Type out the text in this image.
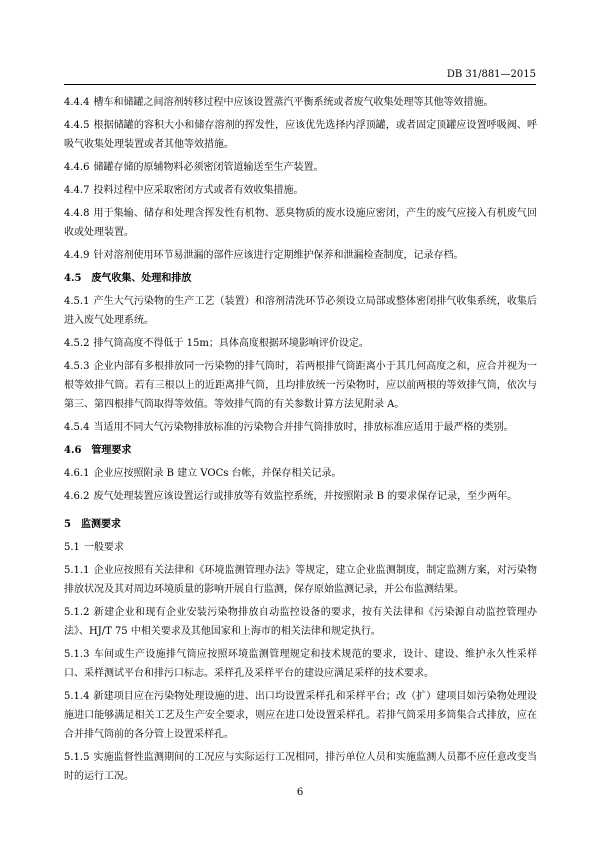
DB 31/881—2015

4.4.4 槽车和储罐之间溶剂转移过程中应该设置蒸汽平衡系统或者废气收集处理等其他等效措施。

4.4.5 根据储罐的容积大小和储存溶剂的挥发性，应该优先选择内浮顶罐，或者固定顶罐应设置呼吸阀、呼吸气收集处理装置或者其他等效措施。

4.4.6 储罐存储的原辅物料必须密闭管道输送至生产装置。

4.4.7 投料过程中应采取密闭方式或者有效收集措施。

4.4.8 用于集输、储存和处理含挥发性有机物、恶臭物质的废水设施应密闭，产生的废气应接入有机废气回收或处理装置。

4.4.9 针对溶剂使用环节易泄漏的部件应该进行定期维护保养和泄漏检查制度，记录存档。

4.5 废气收集、处理和排放

4.5.1 产生大气污染物的生产工艺（装置）和溶剂清洗环节必须设立局部或整体密闭排气收集系统，收集后进入废气处理系统。

4.5.2 排气筒高度不得低于 15m；具体高度根据环境影响评价设定。

4.5.3 企业内部有多根排放同一污染物的排气筒时，若两根排气筒距离小于其几何高度之和，应合并视为一根等效排气筒。若有三根以上的近距离排气筒，且均排放统一污染物时，应以前两根的等效排气筒，依次与第三、第四根排气筒取得等效值。等效排气筒的有关参数计算方法见附录 A。

4.5.4 当适用不同大气污染物排放标准的污染物合并排气筒排放时，排放标准应适用于最严格的类别。

4.6 管理要求

4.6.1 企业应按照附录 B 建立 VOCs 台帐，并保存相关记录。

4.6.2 废气处理装置应该设置运行或排放等有效监控系统，并按照附录 B 的要求保存记录，至少两年。

5 监测要求

5.1 一般要求

5.1.1 企业应按照有关法律和《环境监测管理办法》等规定，建立企业监测制度，制定监测方案，对污染物排放状况及其对周边环境质量的影响开展自行监测，保存原始监测记录，并公布监测结果。

5.1.2 新建企业和现有企业安装污染物排放自动监控设备的要求，按有关法律和《污染源自动监控管理办法》、HJ/T 75 中相关要求及其他国家和上海市的相关法律和规定执行。

5.1.3 车间或生产设施排气筒应按照环境监测管理规定和技术规范的要求，设计、建设、维护永久性采样口、采样测试平台和排污口标志。采样孔及采样平台的建设应满足采样的技术要求。

5.1.4 新建项目应在污染物处理设施的进、出口均设置采样孔和采样平台；改（扩）建项目如污染物处理设施进口能够满足相关工艺及生产安全要求，则应在进口处设置采样孔。若排气筒采用多筒集合式排放，应在合并排气筒前的各分管上设置采样孔。

5.1.5 实施监督性监测期间的工况应与实际运行工况相同，排污单位人员和实施监测人员都不应任意改变当时的运行工况。

6
